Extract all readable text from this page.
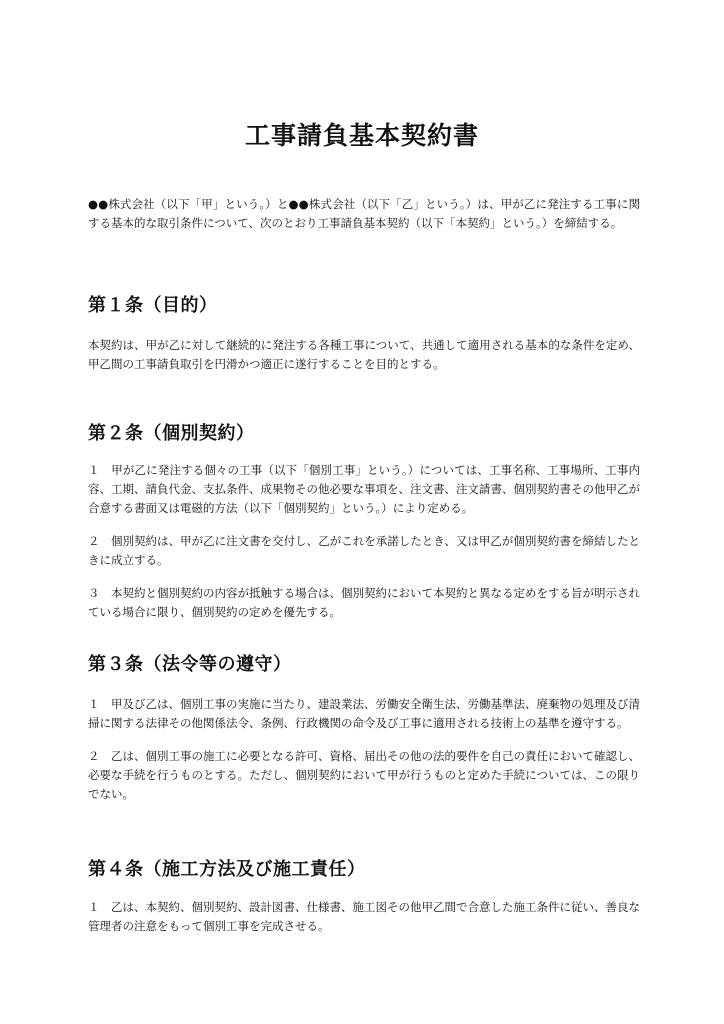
工事請負基本契約書

●●株式会社（以下「甲」という。）と●●株式会社（以下「乙」という。）は、甲が乙に発注する工事に関する基本的な取引条件について、次のとおり工事請負基本契約（以下「本契約」という。）を締結する。

第１条（目的）

本契約は、甲が乙に対して継続的に発注する各種工事について、共通して適用される基本的な条件を定め、甲乙間の工事請負取引を円滑かつ適正に遂行することを目的とする。

第２条（個別契約）

１　甲が乙に発注する個々の工事（以下「個別工事」という。）については、工事名称、工事場所、工事内容、工期、請負代金、支払条件、成果物その他必要な事項を、注文書、注文請書、個別契約書その他甲乙が合意する書面又は電磁的方法（以下「個別契約」という。）により定める。

２　個別契約は、甲が乙に注文書を交付し、乙がこれを承諾したとき、又は甲乙が個別契約書を締結したときに成立する。

３　本契約と個別契約の内容が抵触する場合は、個別契約において本契約と異なる定めをする旨が明示されている場合に限り、個別契約の定めを優先する。

第３条（法令等の遵守）

１　甲及び乙は、個別工事の実施に当たり、建設業法、労働安全衛生法、労働基準法、廃棄物の処理及び清掃に関する法律その他関係法令、条例、行政機関の命令及び工事に適用される技術上の基準を遵守する。

２　乙は、個別工事の施工に必要となる許可、資格、届出その他の法的要件を自己の責任において確認し、必要な手続を行うものとする。ただし、個別契約において甲が行うものと定めた手続については、この限りでない。

第４条（施工方法及び施工責任）

１　乙は、本契約、個別契約、設計図書、仕様書、施工図その他甲乙間で合意した施工条件に従い、善良な管理者の注意をもって個別工事を完成させる。
